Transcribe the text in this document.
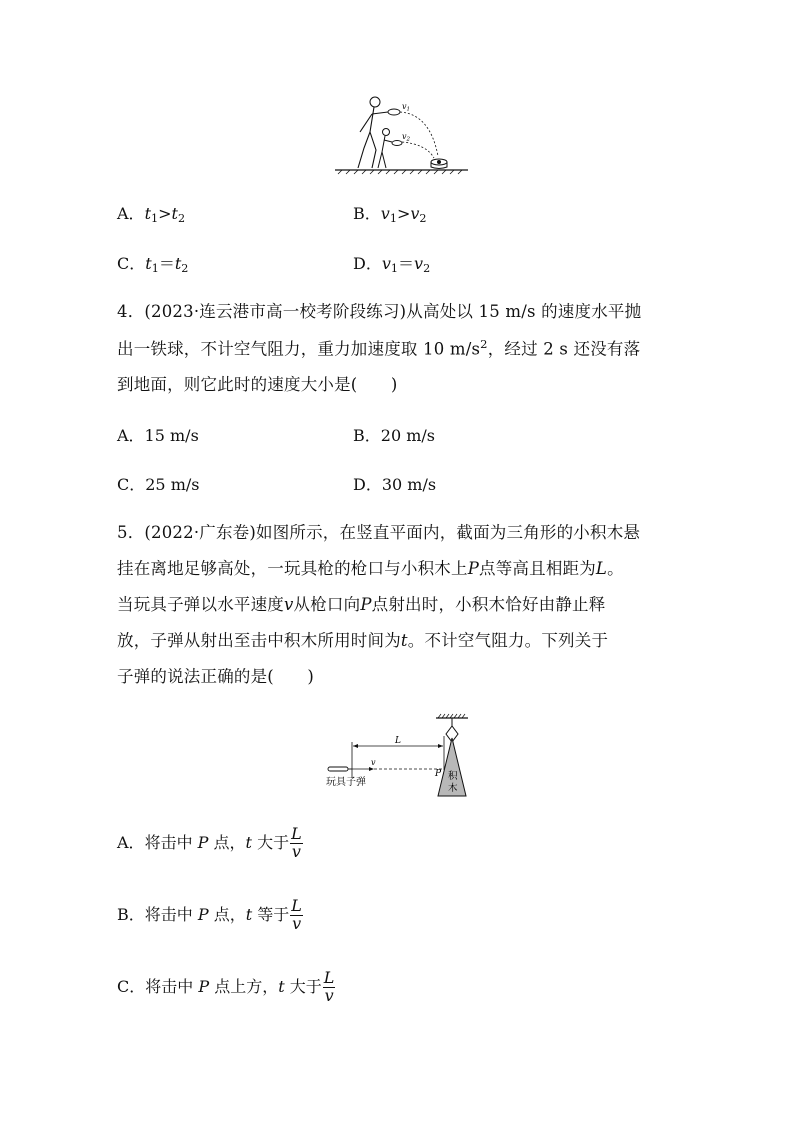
v1
v2
A．$t_1>t_2$	B．$v_1>v_2$
C．$t_1=t_2$	D．$v_1=v_2$
4．(2023·连云港市高一校考阶段练习)从高处以 15 m/s 的速度水平抛
出一铁球，不计空气阻力，重力加速度取 10 $m/s^2$，经过 2 s 还没有落
到地面，则它此时的速度大小是(　　)
A．15 m/s	B．20 m/s
C．25 m/s	D．30 m/s
5．(2022·广东卷)如图所示，在竖直平面内，截面为三角形的小积木悬
挂在离地足够高处，一玩具枪的枪口与小积木上P点等高且相距为L。
当玩具子弹以水平速度v从枪口向P点射出时，小积木恰好由静止释
放，子弹从射出至击中积木所用时间为t。不计空气阻力。下列关于
子弹的说法正确的是(　　)
L
v
P
玩具子弹
积
木
A．将击中 P 点，t 大于 $\frac{L}{v}$
B．将击中 P 点，t 等于 $\frac{L}{v}$
C．将击中 P 点上方，t 大于 $\frac{L}{v}$
